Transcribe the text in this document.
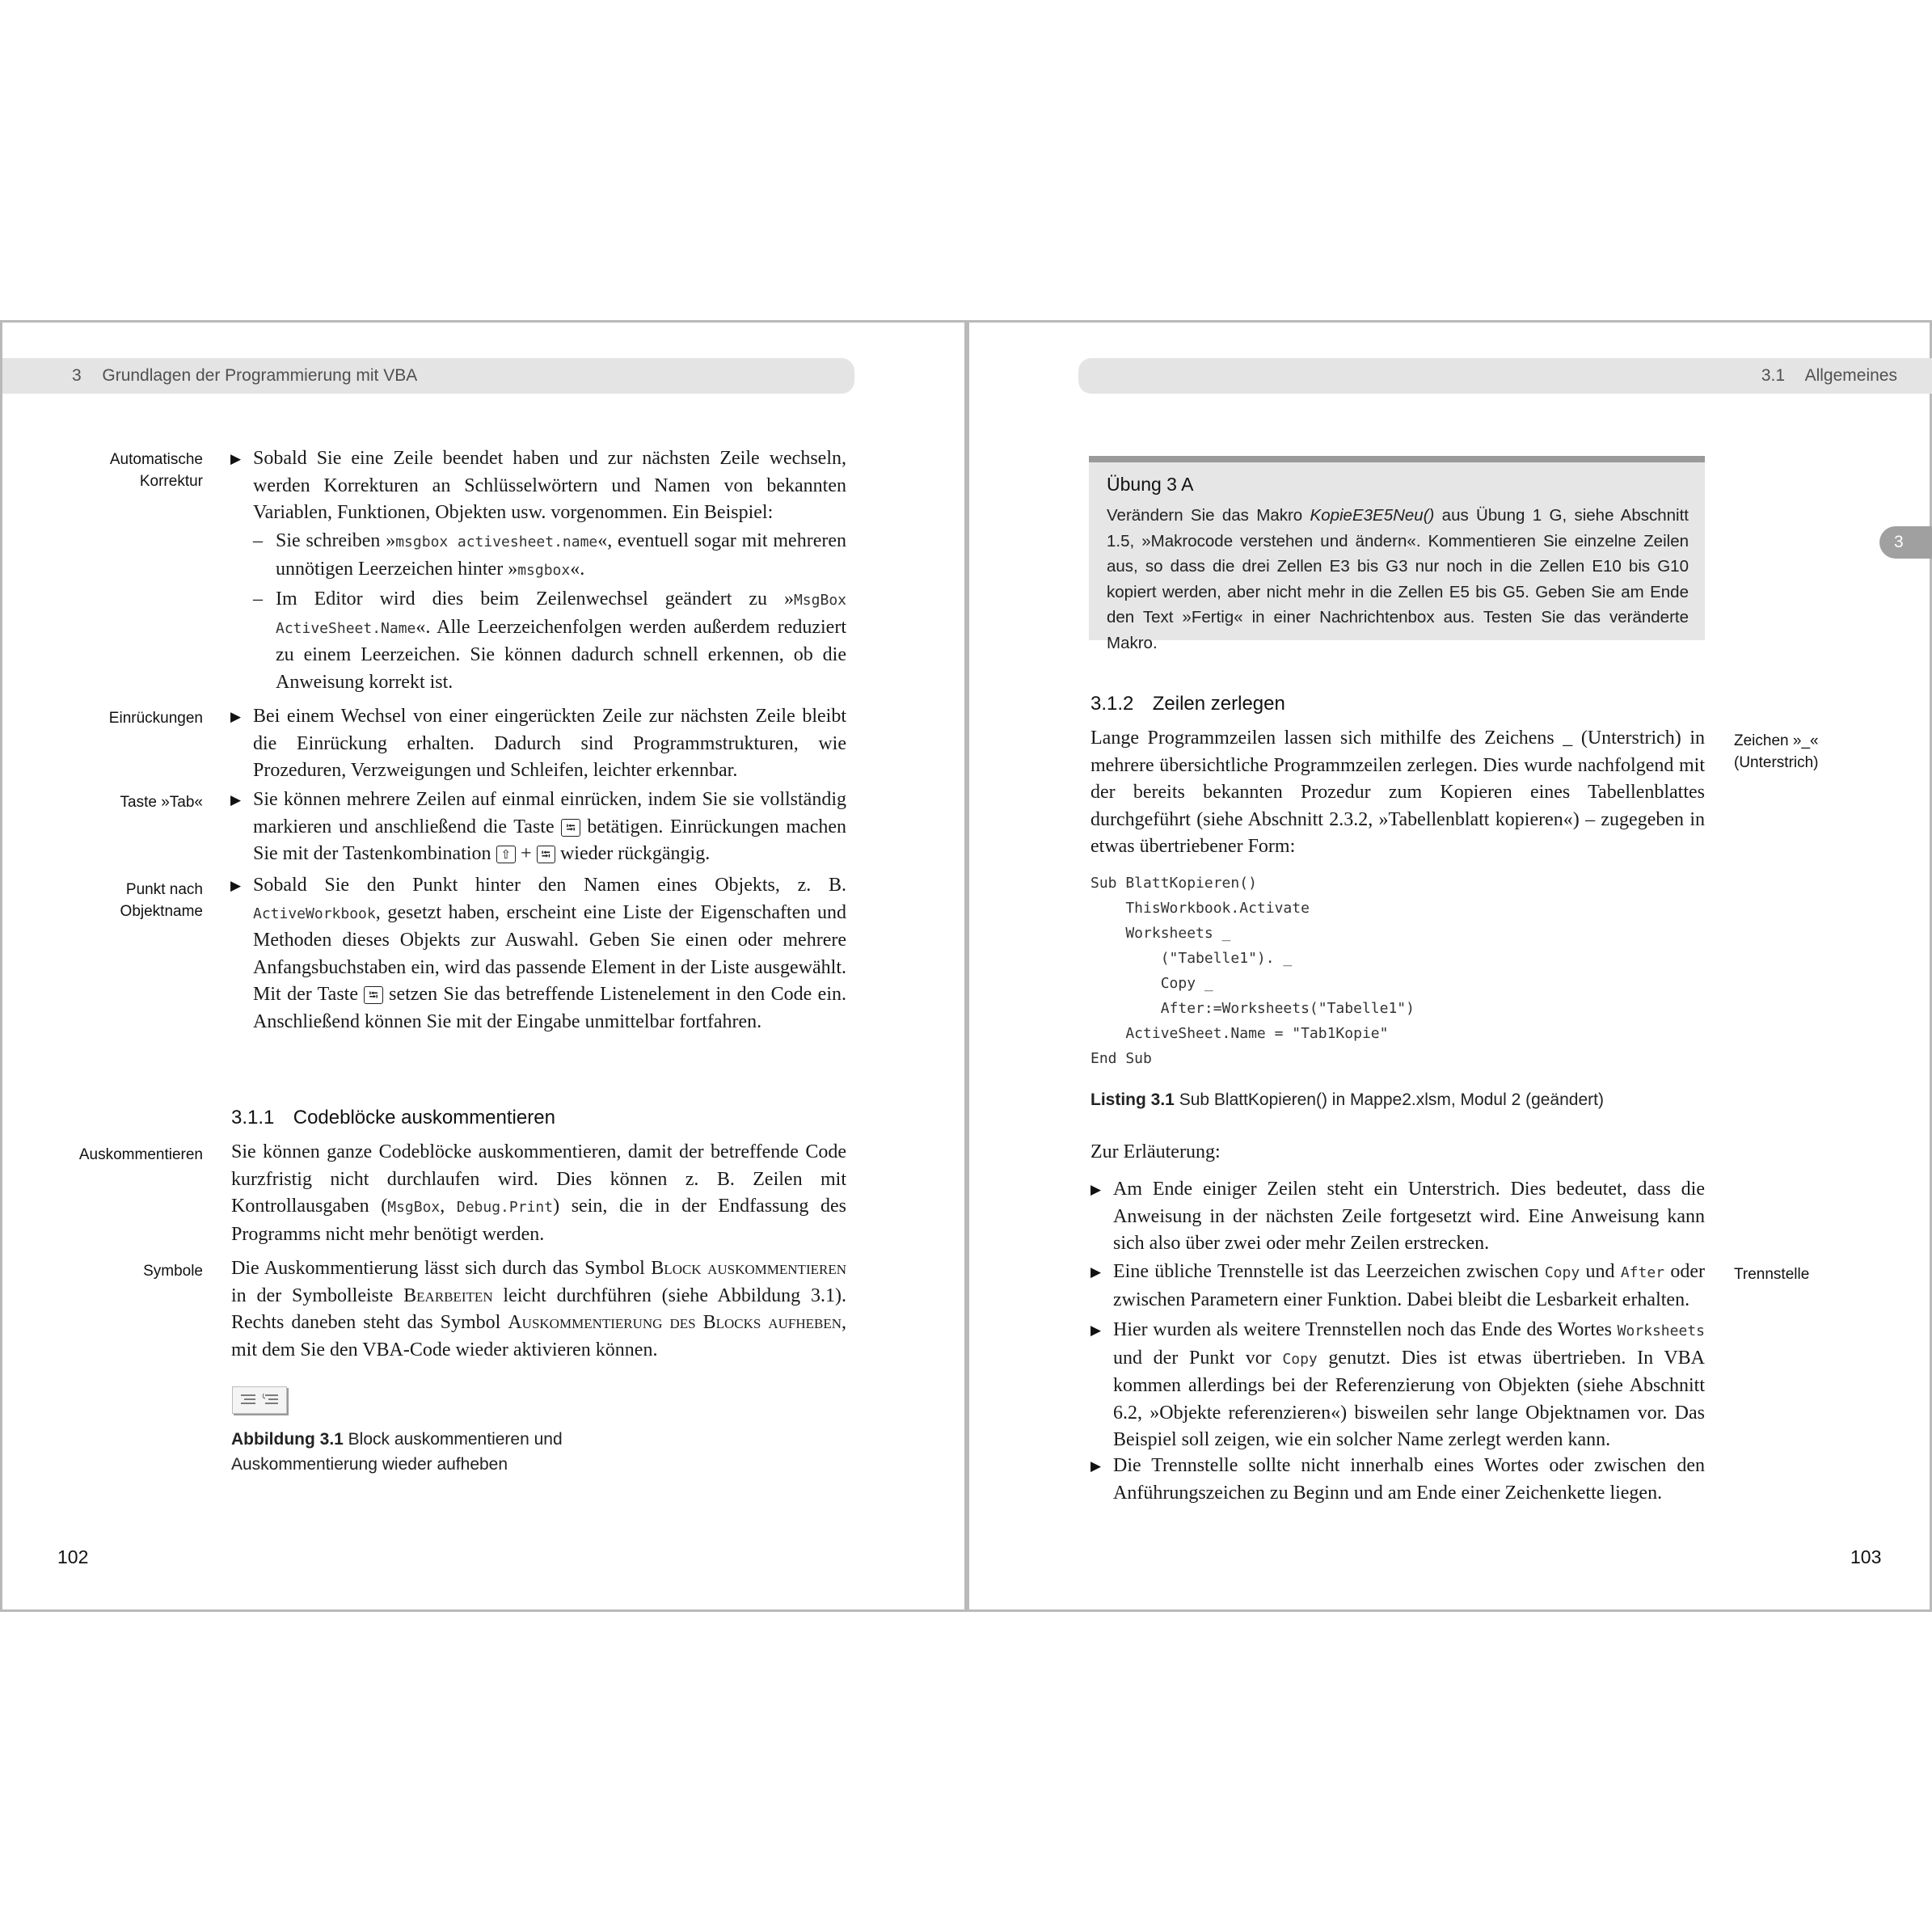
3 Grundlagen der Programmierung mit VBA
Automatische
Korrektur
Einrückungen
Taste »Tab«
Punkt nach
Objektname
Auskommentieren
Symbole
▶ Sobald Sie eine Zeile beendet haben und zur nächsten Zeile wechseln, werden Korrekturen an Schlüsselwörtern und Namen von bekannten Variablen, Funktionen, Objekten usw. vorgenommen. Ein Beispiel:
– Sie schreiben »msgbox activesheet.name«, eventuell sogar mit mehreren unnötigen Leerzeichen hinter »msgbox«.
– Im Editor wird dies beim Zeilenwechsel geändert zu »MsgBox ActiveSheet.Name«. Alle Leerzeichenfolgen werden außerdem reduziert zu einem Leerzeichen. Sie können dadurch schnell erkennen, ob die Anweisung korrekt ist.
▶ Bei einem Wechsel von einer eingerückten Zeile zur nächsten Zeile bleibt die Einrückung erhalten. Dadurch sind Programmstrukturen, wie Prozeduren, Verzweigungen und Schleifen, leichter erkennbar.
▶ Sie können mehrere Zeilen auf einmal einrücken, indem Sie sie vollständig markieren und anschließend die Taste ⭾ betätigen. Einrückungen machen Sie mit der Tastenkombination ⇧ + ⭾ wieder rückgängig.
▶ Sobald Sie den Punkt hinter den Namen eines Objekts, z. B. ActiveWorkbook, gesetzt haben, erscheint eine Liste der Eigenschaften und Methoden dieses Objekts zur Auswahl. Geben Sie einen oder mehrere Anfangsbuchstaben ein, wird das passende Element in der Liste ausgewählt. Mit der Taste ⭾ setzen Sie das betreffende Listenelement in den Code ein. Anschließend können Sie mit der Eingabe unmittelbar fortfahren.
3.1.1 Codeblöcke auskommentieren
Sie können ganze Codeblöcke auskommentieren, damit der betreffende Code kurzfristig nicht durchlaufen wird. Dies können z. B. Zeilen mit Kontrollausgaben (MsgBox, Debug.Print) sein, die in der Endfassung des Programms nicht mehr benötigt werden.
Die Auskommentierung lässt sich durch das Symbol Block auskommentieren in der Symbolleiste Bearbeiten leicht durchführen (siehe Abbildung 3.1). Rechts daneben steht das Symbol Auskommentierung des Blocks aufheben, mit dem Sie den VBA-Code wieder aktivieren können.
Abbildung 3.1 Block auskommentieren und Auskommentierung wieder aufheben
102
3.1 Allgemeines
3
Übung 3 A
Verändern Sie das Makro KopieE3E5Neu() aus Übung 1 G, siehe Abschnitt 1.5, »Makrocode verstehen und ändern«. Kommentieren Sie einzelne Zeilen aus, so dass die drei Zellen E3 bis G3 nur noch in die Zellen E10 bis G10 kopiert werden, aber nicht mehr in die Zellen E5 bis G5. Geben Sie am Ende den Text »Fertig« in einer Nachrichtenbox aus. Testen Sie das veränderte Makro.
3.1.2 Zeilen zerlegen
Zeichen »_«
(Unterstrich)
Lange Programmzeilen lassen sich mithilfe des Zeichens _ (Unterstrich) in mehrere übersichtliche Programmzeilen zerlegen. Dies wurde nachfolgend mit der bereits bekannten Prozedur zum Kopieren eines Tabellenblattes durchgeführt (siehe Abschnitt 2.3.2, »Tabellenblatt kopieren«) – zugegeben in etwas übertriebener Form:
Sub BlattKopieren()
ThisWorkbook.Activate
Worksheets _
("Tabelle1"). _
Copy _
After:=Worksheets("Tabelle1")
ActiveSheet.Name = "Tab1Kopie"
End Sub
Listing 3.1 Sub BlattKopieren() in Mappe2.xlsm, Modul 2 (geändert)
Zur Erläuterung:
▶ Am Ende einiger Zeilen steht ein Unterstrich. Dies bedeutet, dass die Anweisung in der nächsten Zeile fortgesetzt wird. Eine Anweisung kann sich also über zwei oder mehr Zeilen erstrecken.
▶	Trennstelle
Eine übliche Trennstelle ist das Leerzeichen zwischen Copy und After oder zwischen Parametern einer Funktion. Dabei bleibt die Lesbarkeit erhalten.
▶ Hier wurden als weitere Trennstellen noch das Ende des Wortes Worksheets und der Punkt vor Copy genutzt. Dies ist etwas übertrieben. In VBA kommen allerdings bei der Referenzierung von Objekten (siehe Abschnitt 6.2, »Objekte referenzieren«) bisweilen sehr lange Objektnamen vor. Das Beispiel soll zeigen, wie ein solcher Name zerlegt werden kann.
▶ Die Trennstelle sollte nicht innerhalb eines Wortes oder zwischen den Anführungszeichen zu Beginn und am Ende einer Zeichenkette liegen.
103
